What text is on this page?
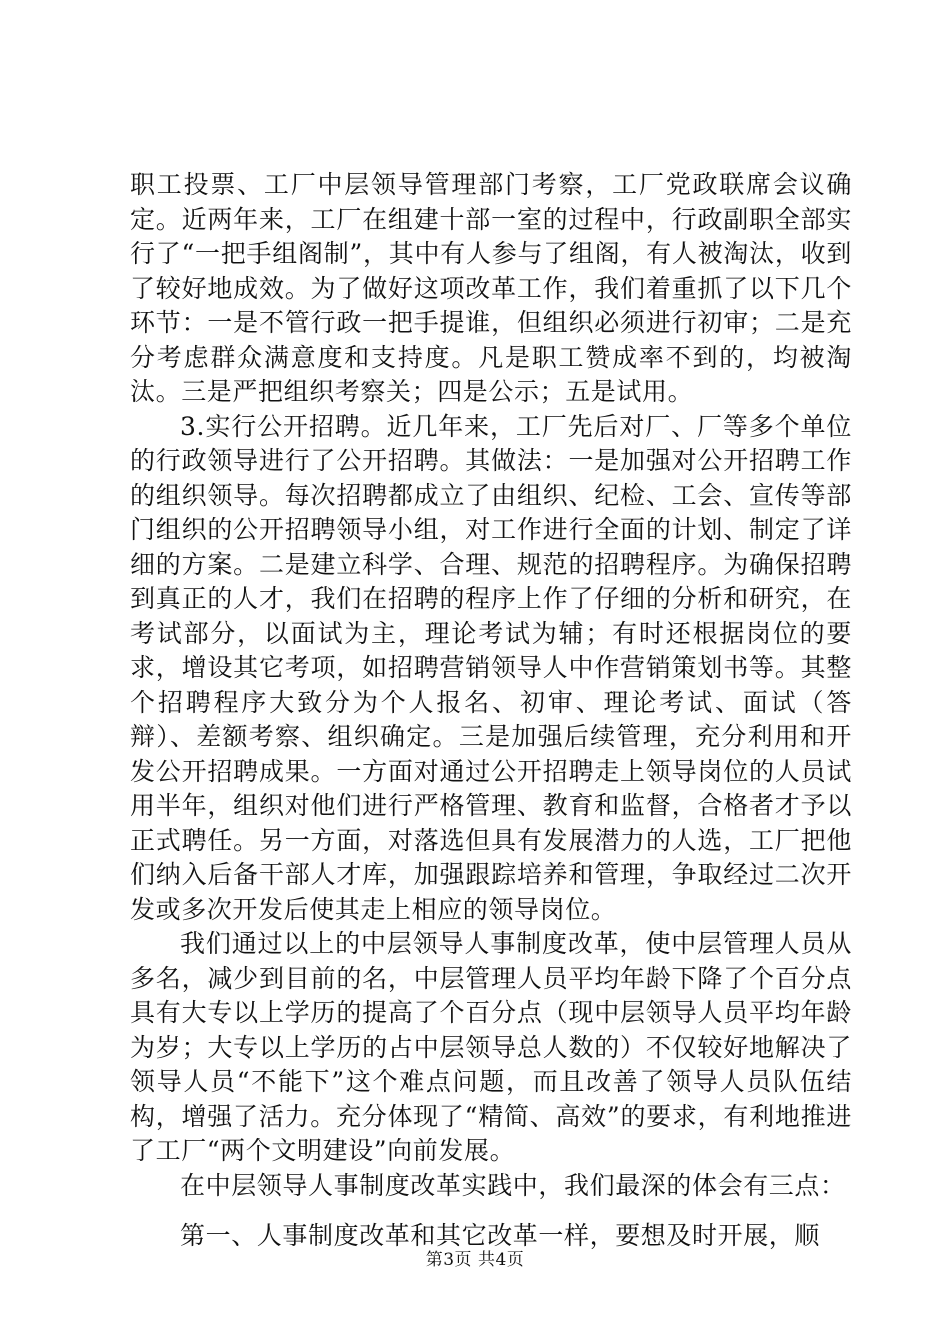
职工投票、工厂中层领导管理部门考察，工厂党政联席会议确定。近两年来，工厂在组建十部一室的过程中，行政副职全部实行了“一把手组阁制”，其中有人参与了组阁，有人被淘汰，收到了较好地成效。为了做好这项改革工作，我们着重抓了以下几个环节：一是不管行政一把手提谁，但组织必须进行初审；二是充分考虑群众满意度和支持度。凡是职工赞成率不到的，均被淘汰。三是严把组织考察关；四是公示；五是试用。

3.实行公开招聘。近几年来，工厂先后对厂、厂等多个单位的行政领导进行了公开招聘。其做法：一是加强对公开招聘工作的组织领导。每次招聘都成立了由组织、纪检、工会、宣传等部门组织的公开招聘领导小组，对工作进行全面的计划、制定了详细的方案。二是建立科学、合理、规范的招聘程序。为确保招聘到真正的人才，我们在招聘的程序上作了仔细的分析和研究，在考试部分，以面试为主，理论考试为辅；有时还根据岗位的要求，增设其它考项，如招聘营销领导人中作营销策划书等。其整个招聘程序大致分为个人报名、初审、理论考试、面试（答辩）、差额考察、组织确定。三是加强后续管理，充分利用和开发公开招聘成果。一方面对通过公开招聘走上领导岗位的人员试用半年，组织对他们进行严格管理、教育和监督，合格者才予以正式聘任。另一方面，对落选但具有发展潜力的人选，工厂把他们纳入后备干部人才库，加强跟踪培养和管理，争取经过二次开发或多次开发后使其走上相应的领导岗位。

我们通过以上的中层领导人事制度改革，使中层管理人员从多名，减少到目前的名，中层管理人员平均年龄下降了个百分点具有大专以上学历的提高了个百分点（现中层领导人员平均年龄为岁；大专以上学历的占中层领导总人数的）不仅较好地解决了领导人员“不能下”这个难点问题，而且改善了领导人员队伍结构，增强了活力。充分体现了“精简、高效”的要求，有利地推进了工厂“两个文明建设”向前发展。

在中层领导人事制度改革实践中，我们最深的体会有三点：

第一、人事制度改革和其它改革一样，要想及时开展，顺

第3页 共4页
